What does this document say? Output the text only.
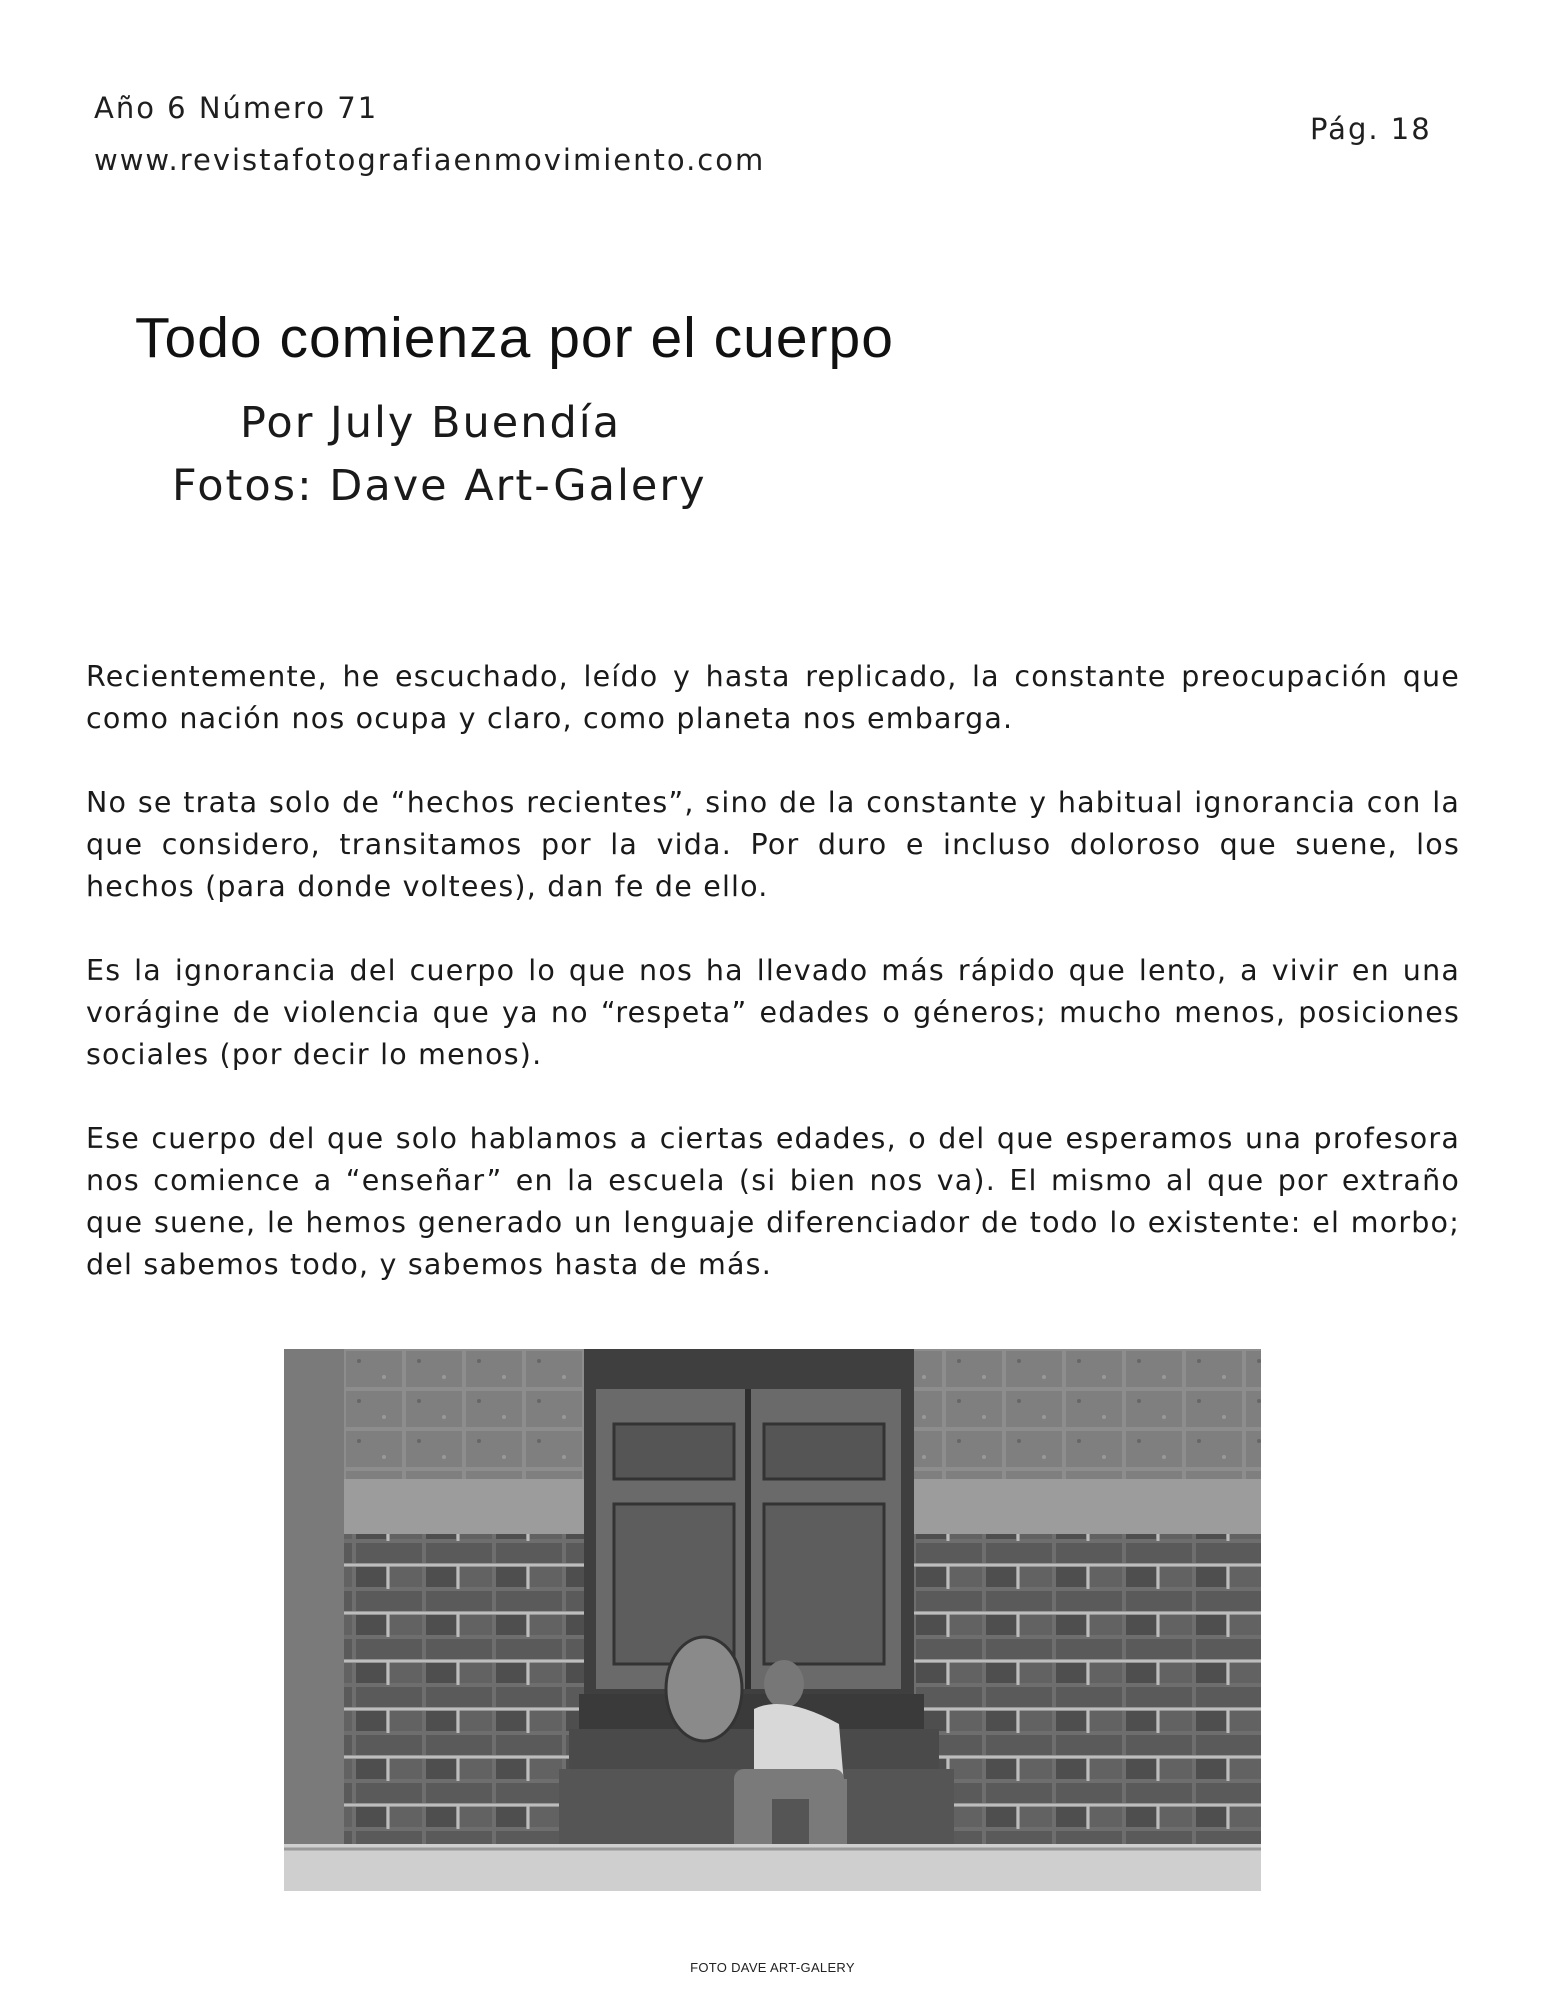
Año 6 Número 71
www.revistafotografiaenmovimiento.com
Pág. 18
Todo comienza por el cuerpo
Por July Buendía
Fotos: Dave Art-Galery

Recientemente, he escuchado, leído y hasta replicado, la constante preocupación que como nación nos ocupa y claro, como planeta nos embarga.

No se trata solo de “hechos recientes”, sino de la constante y habitual ignorancia con la que considero, transitamos por la vida. Por duro e incluso doloroso que suene, los hechos (para donde voltees), dan fe de ello.

Es la ignorancia del cuerpo lo que nos ha llevado más rápido que lento, a vivir en una vorágine de violencia que ya no “respeta” edades o géneros; mucho menos, posiciones sociales (por decir lo menos).

Ese cuerpo del que solo hablamos a ciertas edades, o del que esperamos una profesora nos comience a “enseñar” en la escuela (si bien nos va). El mismo al que por extraño que suene, le hemos generado un lenguaje diferenciador de todo lo existente: el morbo; del sabemos todo, y sabemos hasta de más.

FOTO DAVE ART-GALERY
